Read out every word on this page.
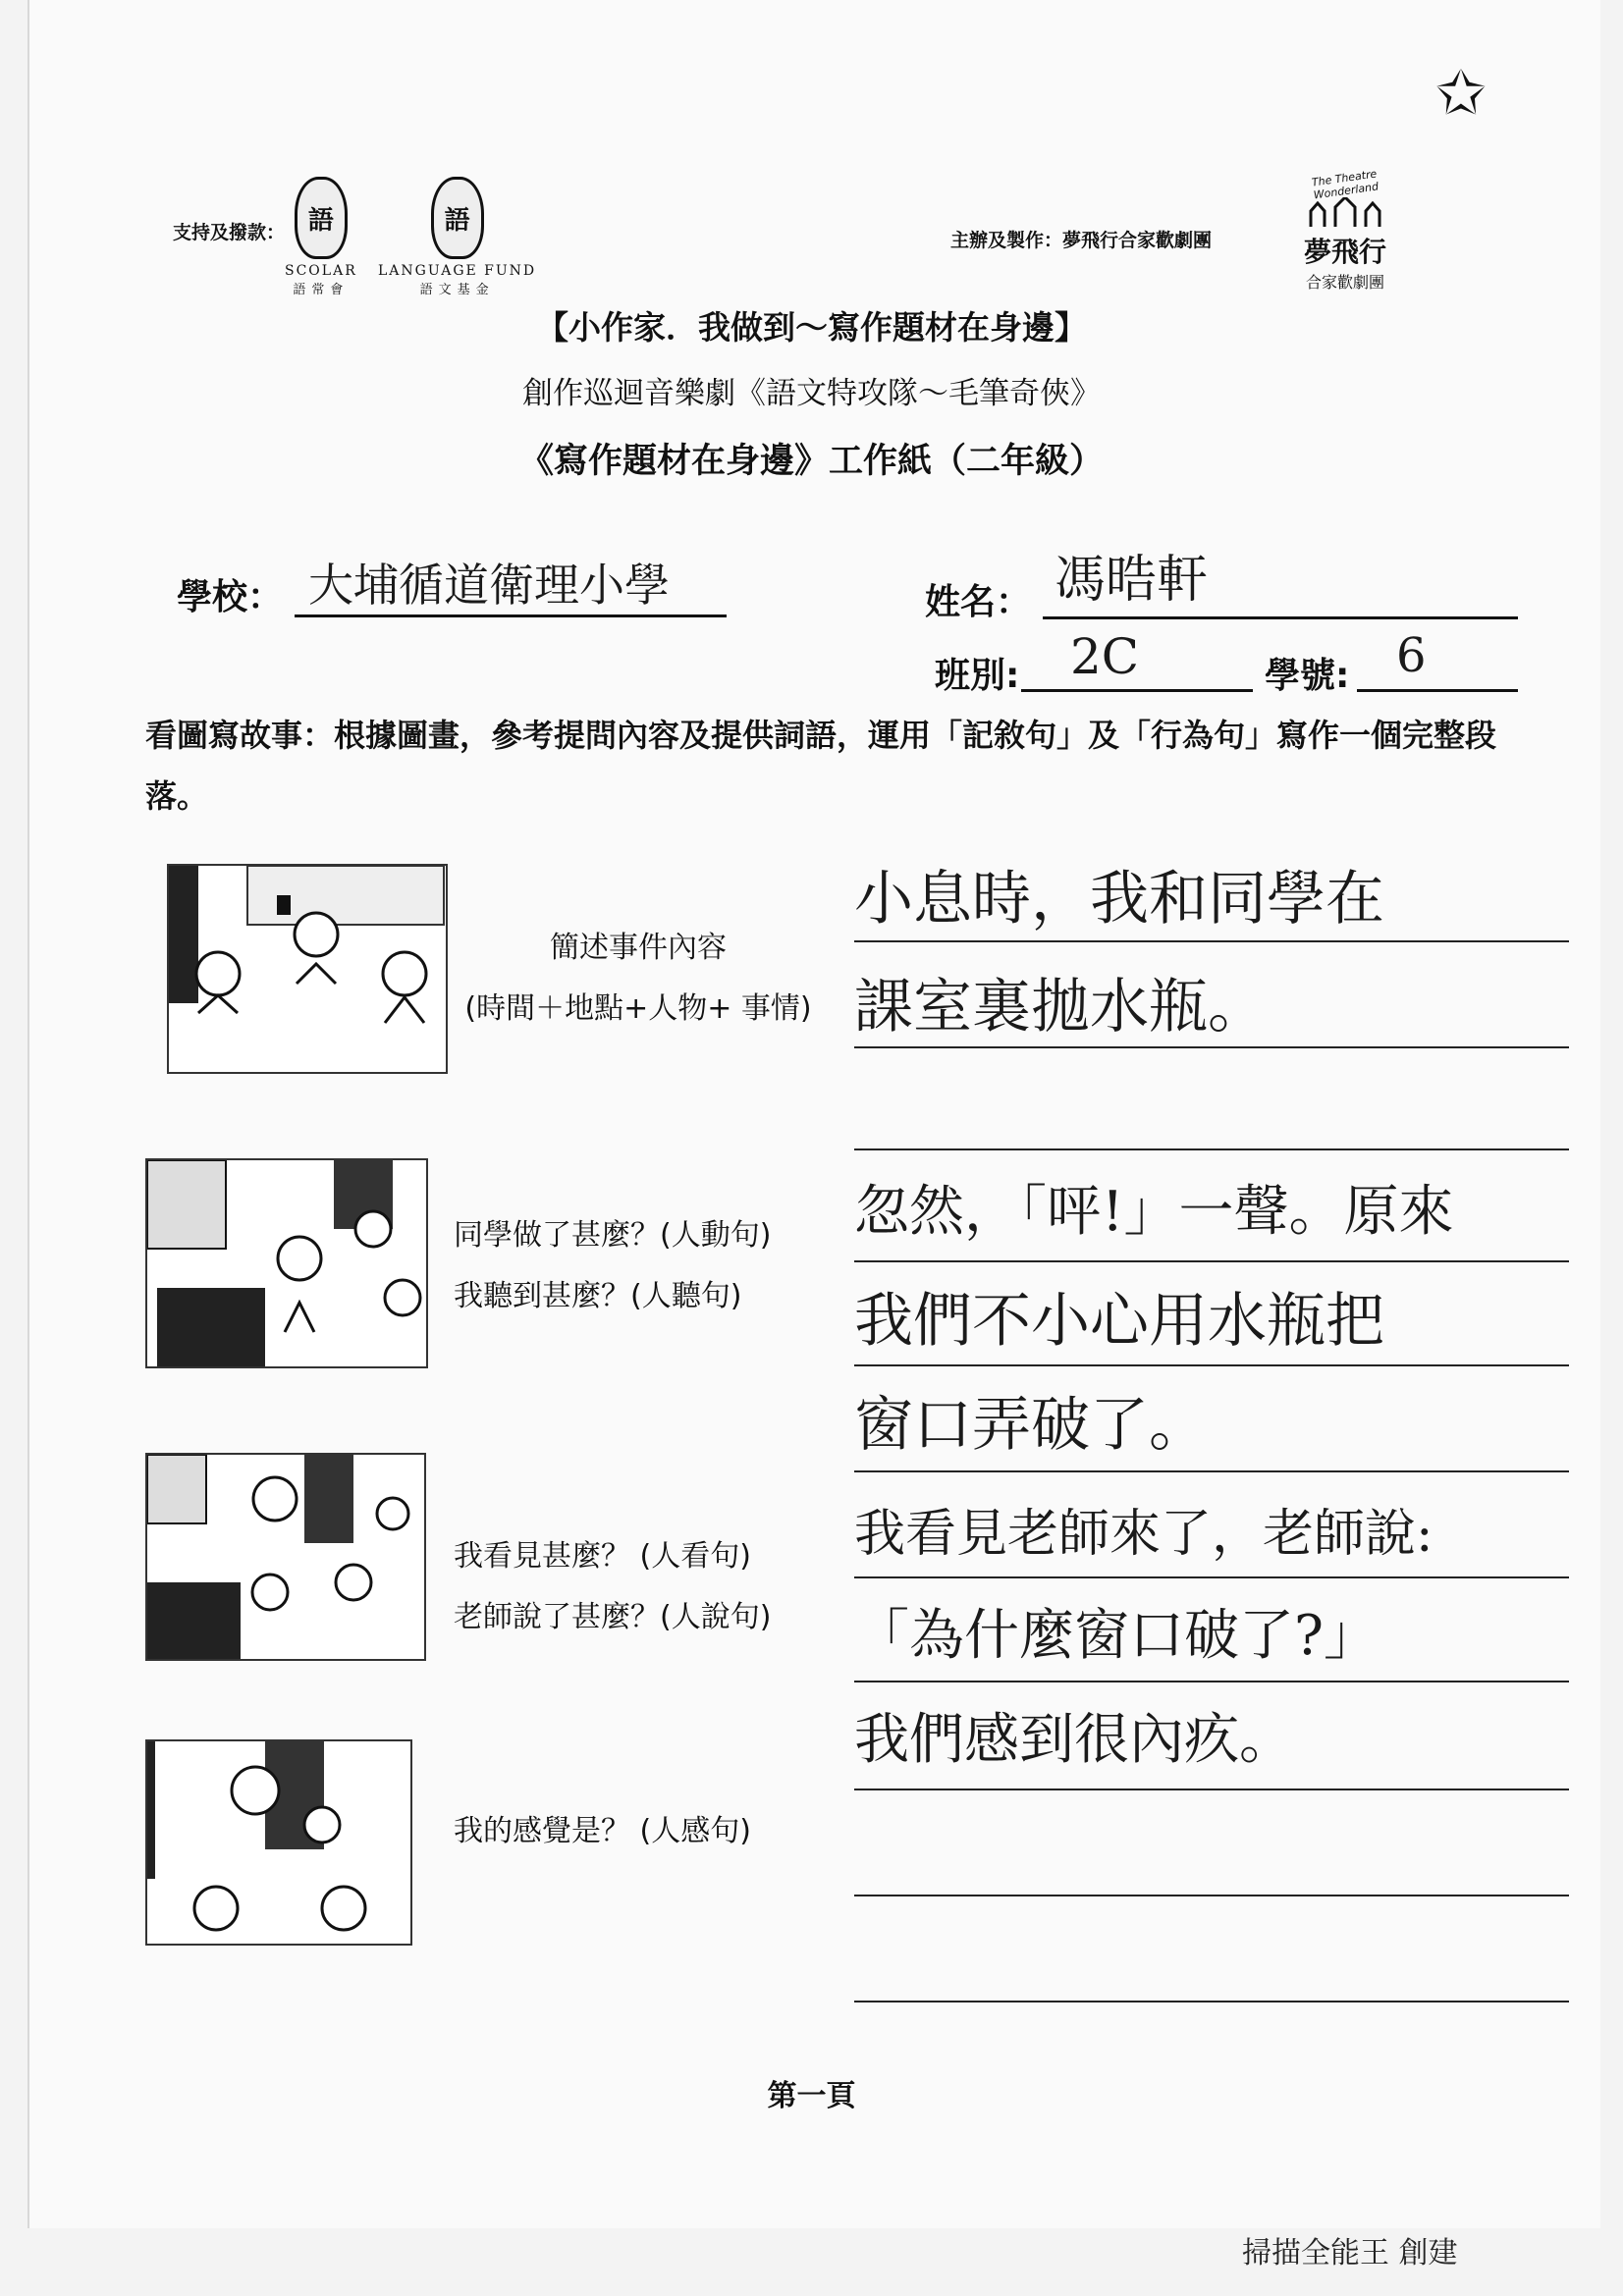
✩
支持及撥款： 語
SCOLAR
語常會
語
LANGUAGE FUND
語文基金
主辦及製作：夢飛行合家歡劇團
The Theatre Wonderland
夢飛行
合家歡劇團
【小作家．我做到～寫作題材在身邊】
創作巡迴音樂劇《語文特攻隊～毛筆奇俠》
《寫作題材在身邊》工作紙（二年級）
學校： 大埔循道衛理小學	姓名： 馮晧軒
班別:	2C	學號: 6
看圖寫故事：根據圖畫，參考提問內容及提供詞語，運用「記敘句」及「行為句」寫作一個完整段落。
簡述事件內容
(時間＋地點+人物+ 事情)
同學做了甚麼？(人動句)
我聽到甚麼？(人聽句)
我看見甚麼？ (人看句)
老師說了甚麼？(人說句)
我的感覺是？ (人感句)
小息時，我和同學在
課室裏拋水瓶。
忽然，「呯!」一聲。原來
我們不小心用水瓶把
窗口弄破了。
我看見老師來了，老師說:
「為什麼窗口破了?」
我們感到很內疚。
第一頁
掃描全能王 創建
